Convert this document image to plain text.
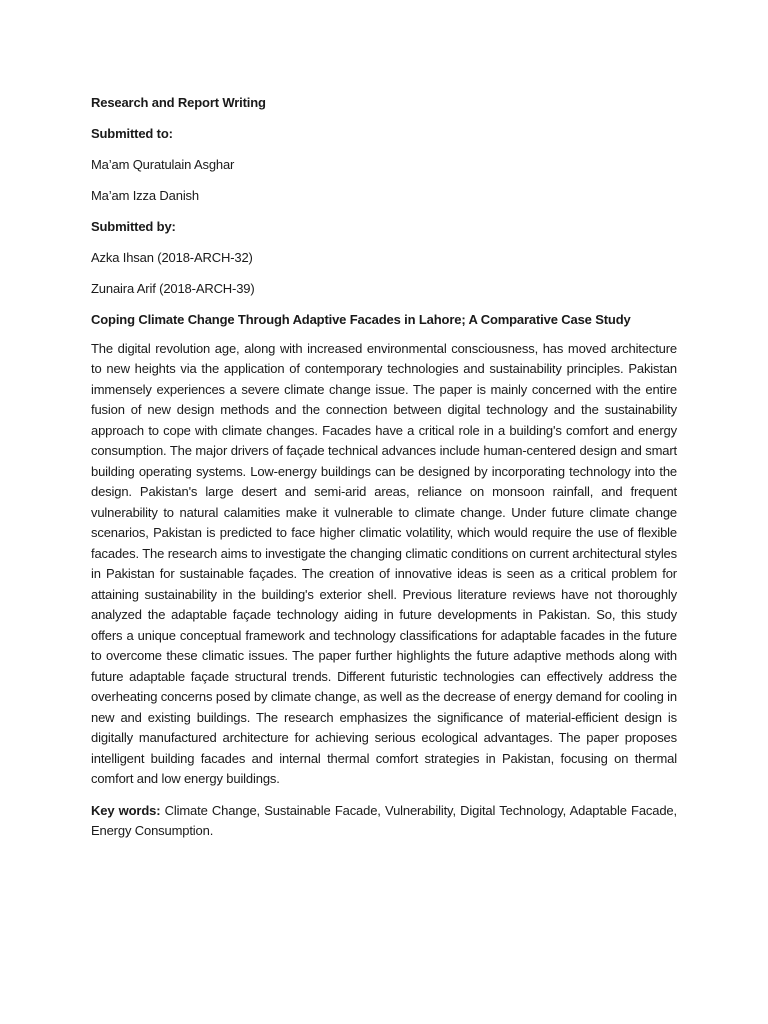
Research and Report Writing

Submitted to:

Ma’am Quratulain Asghar

Ma’am Izza Danish

Submitted by:

Azka Ihsan (2018-ARCH-32)

Zunaira Arif (2018-ARCH-39)

Coping Climate Change Through Adaptive Facades in Lahore; A Comparative Case Study

The digital revolution age, along with increased environmental consciousness, has moved architecture to new heights via the application of contemporary technologies and sustainability principles. Pakistan immensely experiences a severe climate change issue. The paper is mainly concerned with the entire fusion of new design methods and the connection between digital technology and the sustainability approach to cope with climate changes. Facades have a critical role in a building's comfort and energy consumption. The major drivers of façade technical advances include human-centered design and smart building operating systems. Low-energy buildings can be designed by incorporating technology into the design. Pakistan's large desert and semi-arid areas, reliance on monsoon rainfall, and frequent vulnerability to natural calamities make it vulnerable to climate change. Under future climate change scenarios, Pakistan is predicted to face higher climatic volatility, which would require the use of flexible facades. The research aims to investigate the changing climatic conditions on current architectural styles in Pakistan for sustainable façades. The creation of innovative ideas is seen as a critical problem for attaining sustainability in the building's exterior shell. Previous literature reviews have not thoroughly analyzed the adaptable façade technology aiding in future developments in Pakistan. So, this study offers a unique conceptual framework and technology classifications for adaptable facades in the future to overcome these climatic issues. The paper further highlights the future adaptive methods along with future adaptable façade structural trends. Different futuristic technologies can effectively address the overheating concerns posed by climate change, as well as the decrease of energy demand for cooling in new and existing buildings. The research emphasizes the significance of material-efficient design is digitally manufactured architecture for achieving serious ecological advantages. The paper proposes intelligent building facades and internal thermal comfort strategies in Pakistan, focusing on thermal comfort and low energy buildings.

Key words: Climate Change, Sustainable Facade, Vulnerability, Digital Technology, Adaptable Facade, Energy Consumption.
